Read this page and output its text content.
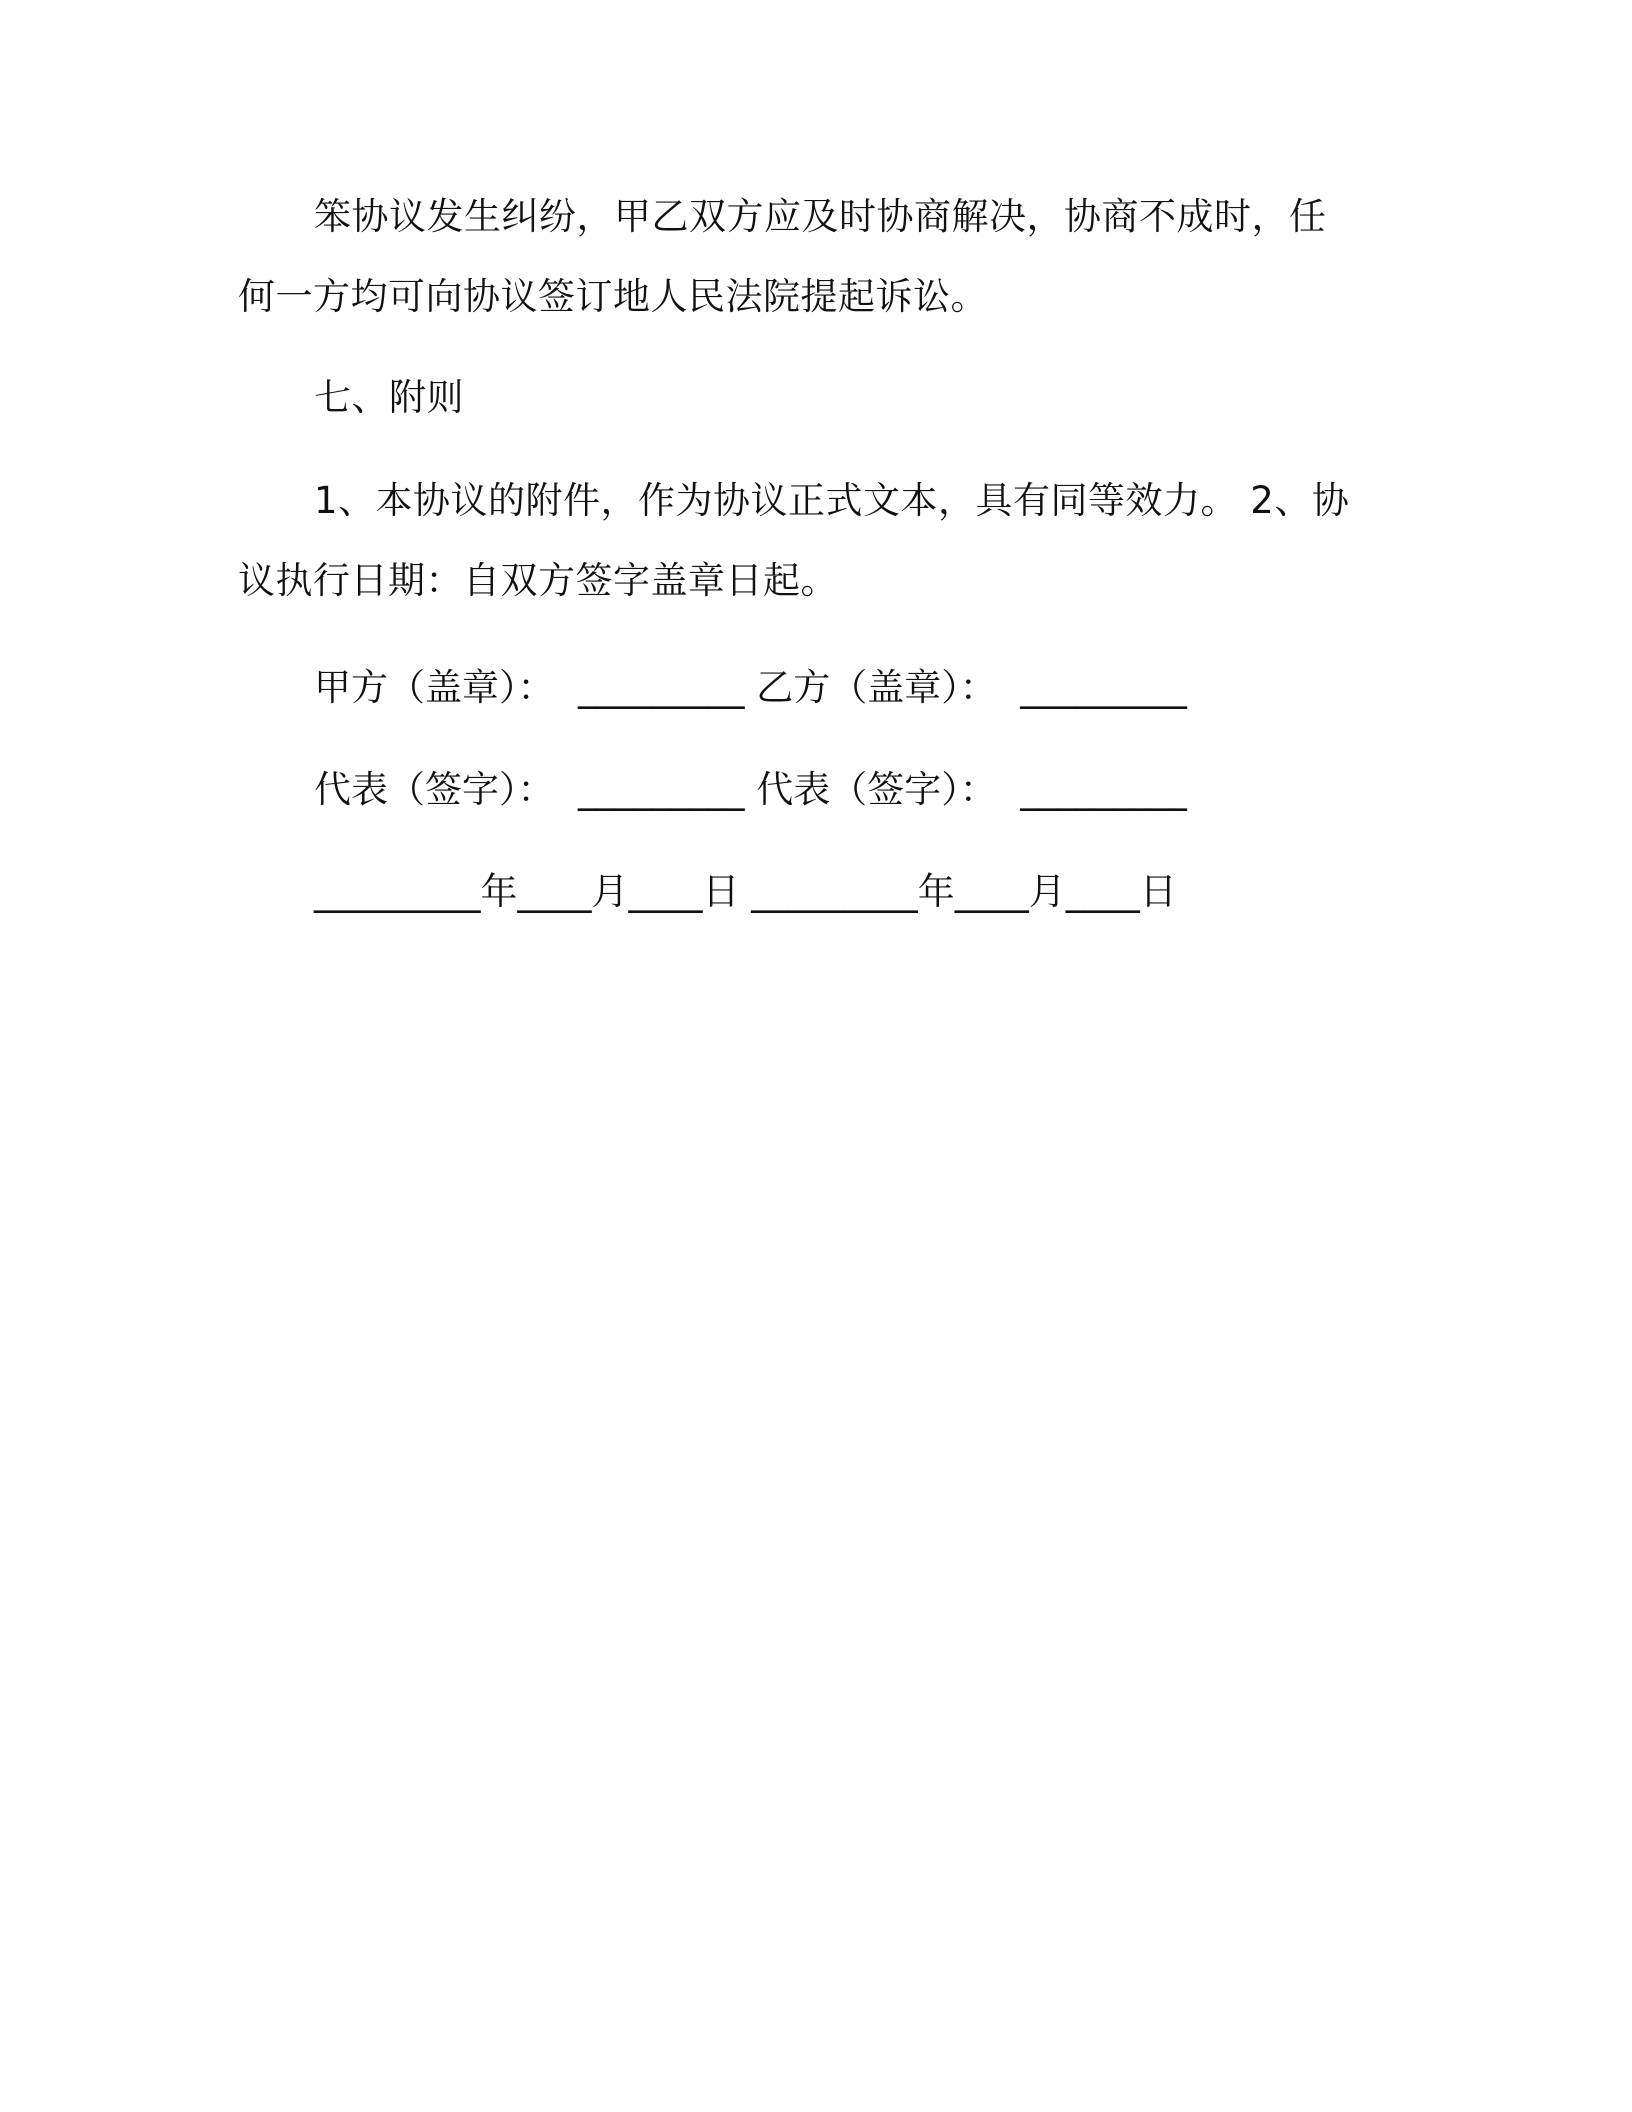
笨协议发生纠纷，甲乙双方应及时协商解决，协商不成时，任何一方均可向协议签订地人民法院提起诉讼。

七、附则

1、本协议的附件，作为协议正式文本，具有同等效力。 2、协议执行日期：自双方签字盖章日起。

甲方（盖章）：  _________ 乙方（盖章）：  _________

代表（签字）：  _________ 代表（签字）：  _________

_________年____月____日 _________年____月____日
